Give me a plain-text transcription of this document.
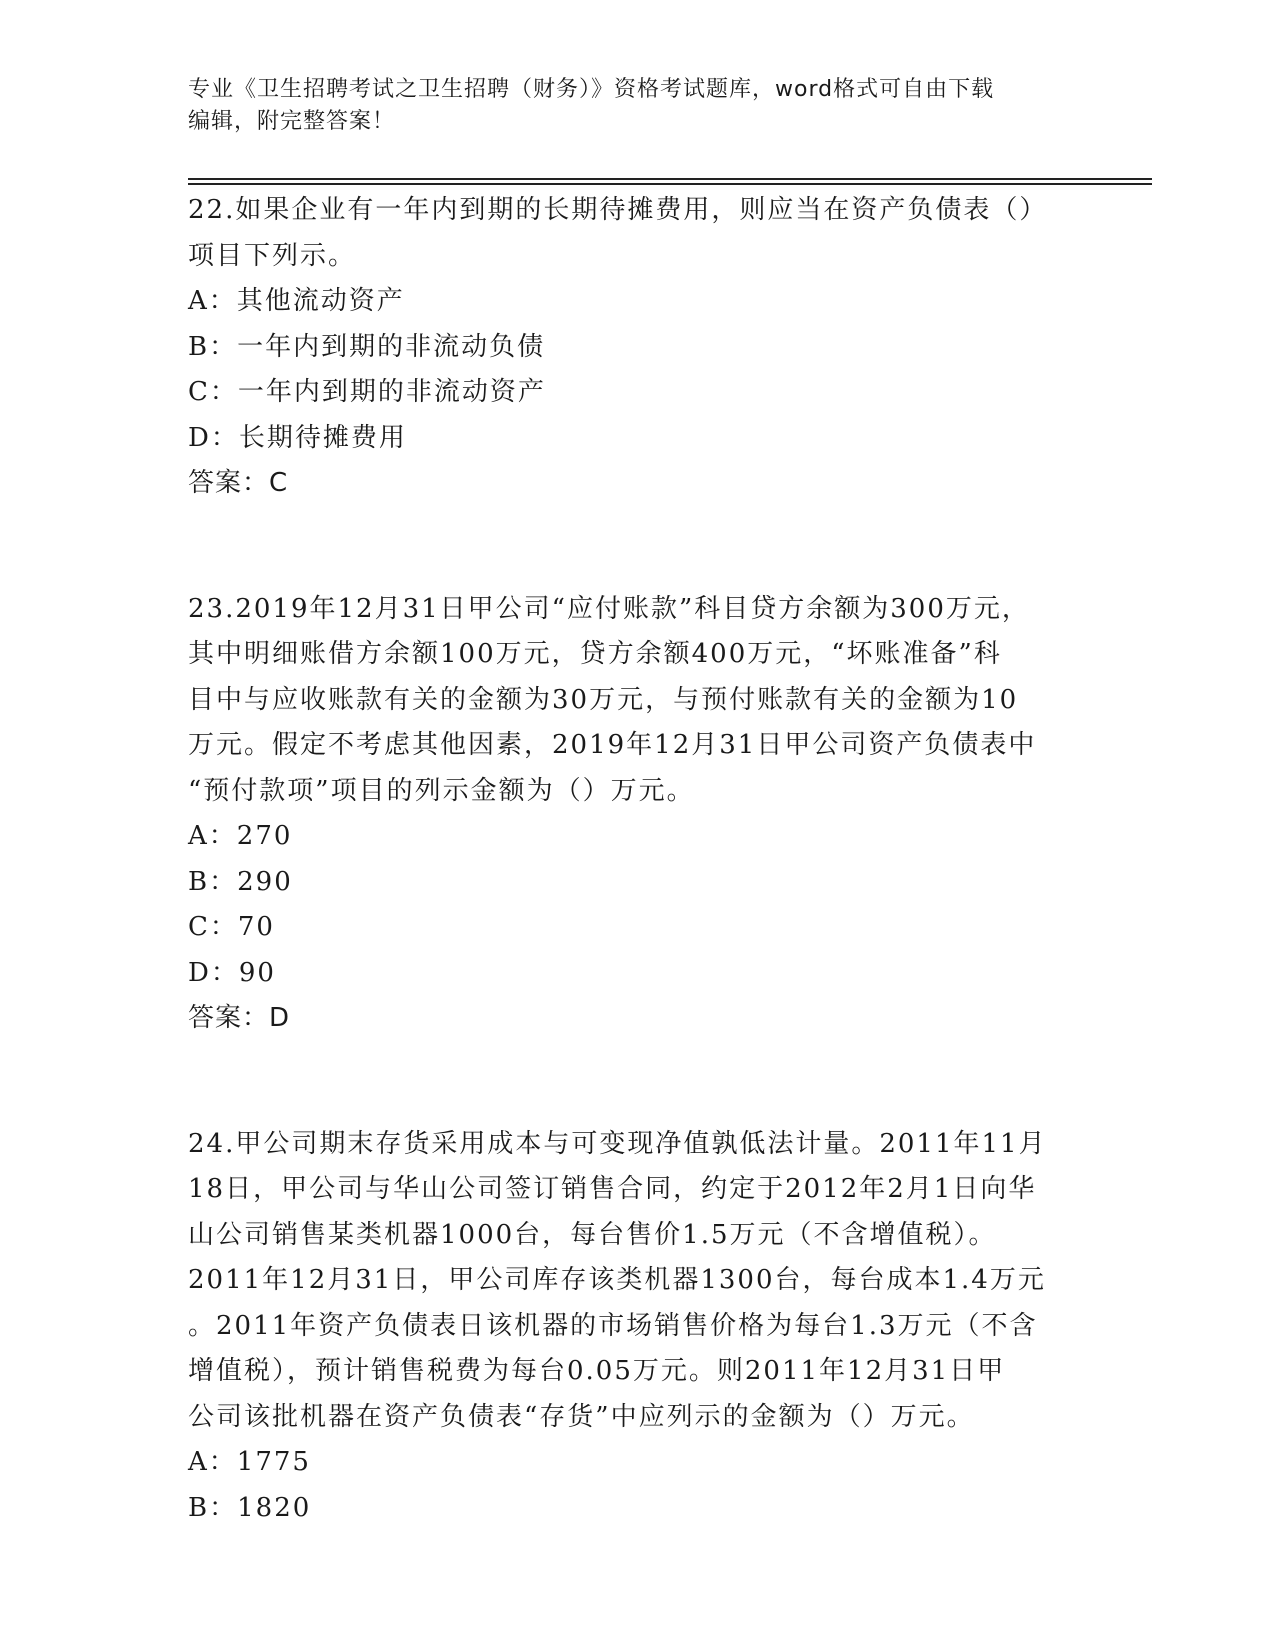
专业《卫生招聘考试之卫生招聘（财务）》资格考试题库，word格式可自由下载
编辑，附完整答案！

22.如果企业有一年内到期的长期待摊费用，则应当在资产负债表（）

项目下列示。

A：其他流动资产

B：一年内到期的非流动负债

C：一年内到期的非流动资产

D：长期待摊费用

答案：C

23.2019年12月31日甲公司“应付账款”科目贷方余额为300万元，

其中明细账借方余额100万元，贷方余额400万元，“坏账准备”科

目中与应收账款有关的金额为30万元，与预付账款有关的金额为10

万元。假定不考虑其他因素，2019年12月31日甲公司资产负债表中

“预付款项”项目的列示金额为（）万元。

A：270

B：290

C：70

D：90

答案：D

24.甲公司期末存货采用成本与可变现净值孰低法计量。2011年11月

18日，甲公司与华山公司签订销售合同，约定于2012年2月1日向华

山公司销售某类机器1000台，每台售价1.5万元（不含增值税）。

2011年12月31日，甲公司库存该类机器1300台，每台成本1.4万元

。2011年资产负债表日该机器的市场销售价格为每台1.3万元（不含

增值税），预计销售税费为每台0.05万元。则2011年12月31日甲

公司该批机器在资产负债表“存货”中应列示的金额为（）万元。

A：1775

B：1820
